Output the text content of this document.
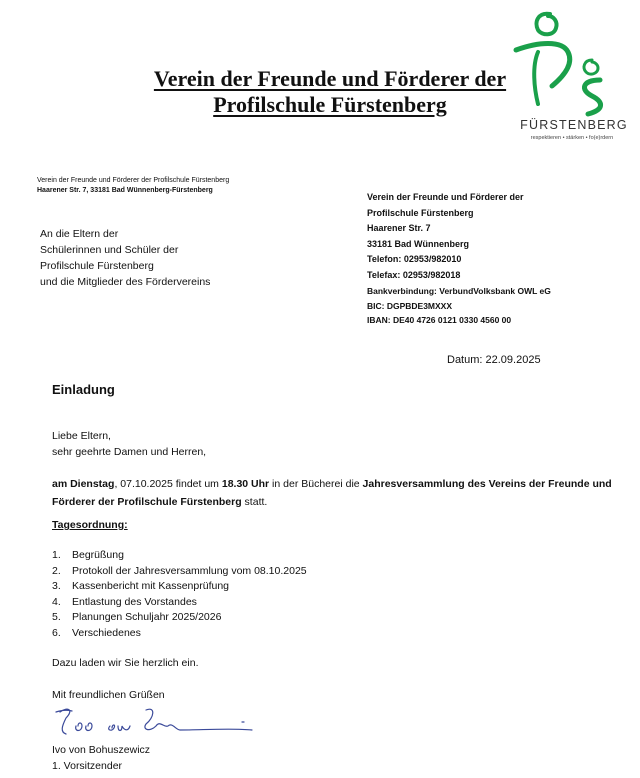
Verein der Freunde und Förderer der
Profilschule Fürstenberg
FÜRSTENBERG
respektieren • stärken • fo(e)rdern
Verein der Freunde und Förderer der Profilschule Fürstenberg
Haarener Str. 7, 33181 Bad Wünnenberg-Fürstenberg
An die Eltern der
Schülerinnen und Schüler der
Profilschule Fürstenberg
und die Mitglieder des Fördervereins
Verein der Freunde und Förderer der
Profilschule Fürstenberg
Haarener Str. 7
33181 Bad Wünnenberg
Telefon: 02953/982010
Telefax: 02953/982018
Bankverbindung: VerbundVolksbank OWL eG
BIC: DGPBDE3MXXX
IBAN: DE40 4726 0121 0330 4560 00
Datum: 22.09.2025
Einladung
Liebe Eltern,
sehr geehrte Damen und Herren,
am Dienstag, 07.10.2025 findet um 18.30 Uhr in der Bücherei die Jahresversammlung des Vereins der Freunde und Förderer der Profilschule Fürstenberg statt.
Tagesordnung:
1.	Begrüßung
2.	Protokoll der Jahresversammlung vom 08.10.2025
3.	Kassenbericht mit Kassenprüfung
4.	Entlastung des Vorstandes
5.	Planungen Schuljahr 2025/2026
6.	Verschiedenes
Dazu laden wir Sie herzlich ein.
Mit freundlichen Grüßen
Ivo von Bohuszewicz
1. Vorsitzender
